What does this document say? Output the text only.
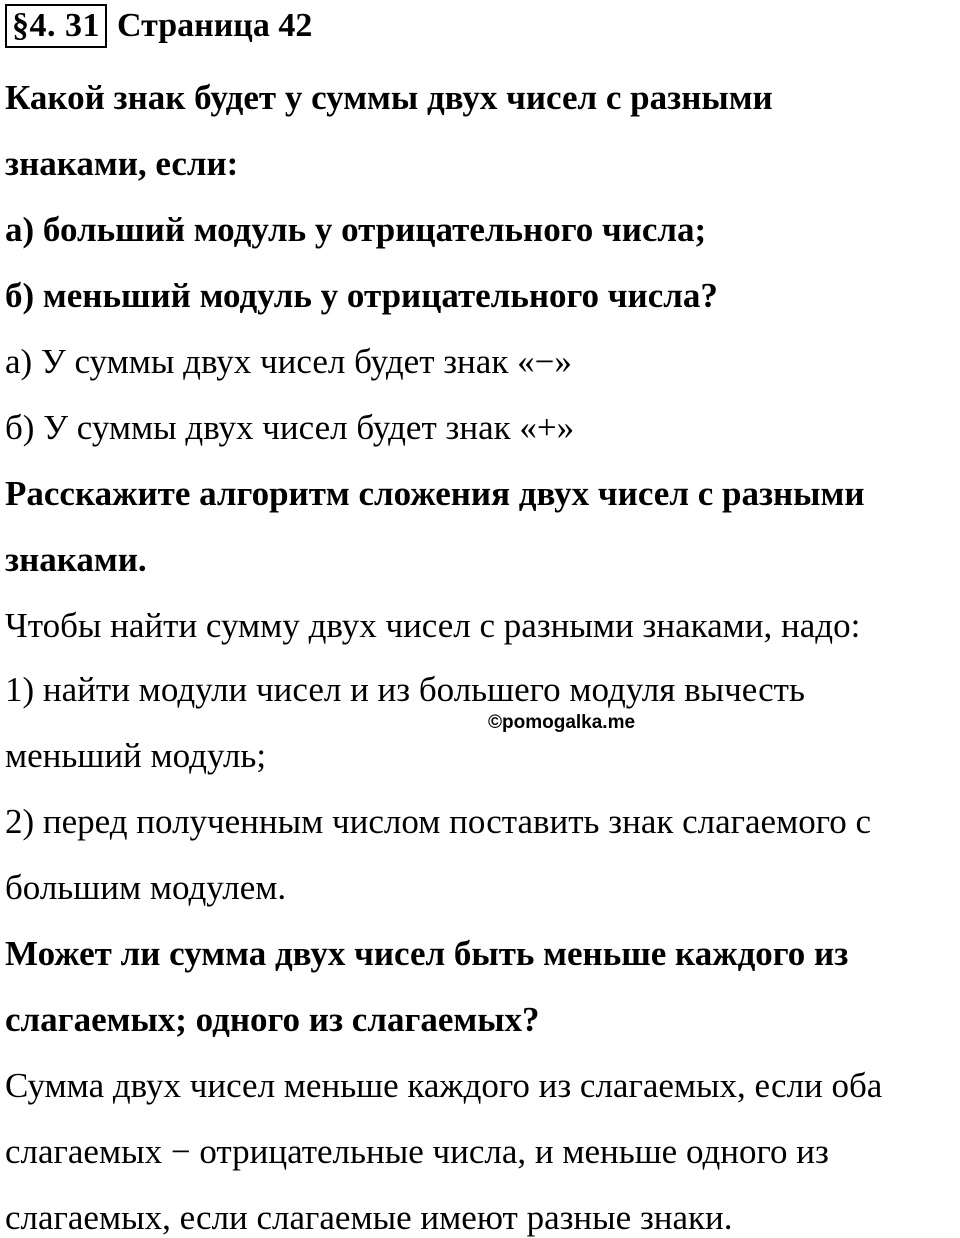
§4. 31 Страница 42
Какой знак будет у суммы двух чисел с разными
знаками, если:
а) больший модуль у отрицательного числа;
б) меньший модуль у отрицательного числа?
а) У суммы двух чисел будет знак «−»
б) У суммы двух чисел будет знак «+»
Расскажите алгоритм сложения двух чисел с разными
знаками.
Чтобы найти сумму двух чисел с разными знаками, надо:
1) найти модули чисел и из большего модуля вычесть
меньший модуль;
2) перед полученным числом поставить знак слагаемого с
большим модулем.
Может ли сумма двух чисел быть меньше каждого из
слагаемых; одного из слагаемых?
Сумма двух чисел меньше каждого из слагаемых, если оба
слагаемых − отрицательные числа, и меньше одного из
слагаемых, если слагаемые имеют разные знаки.
©pomogalka.me
